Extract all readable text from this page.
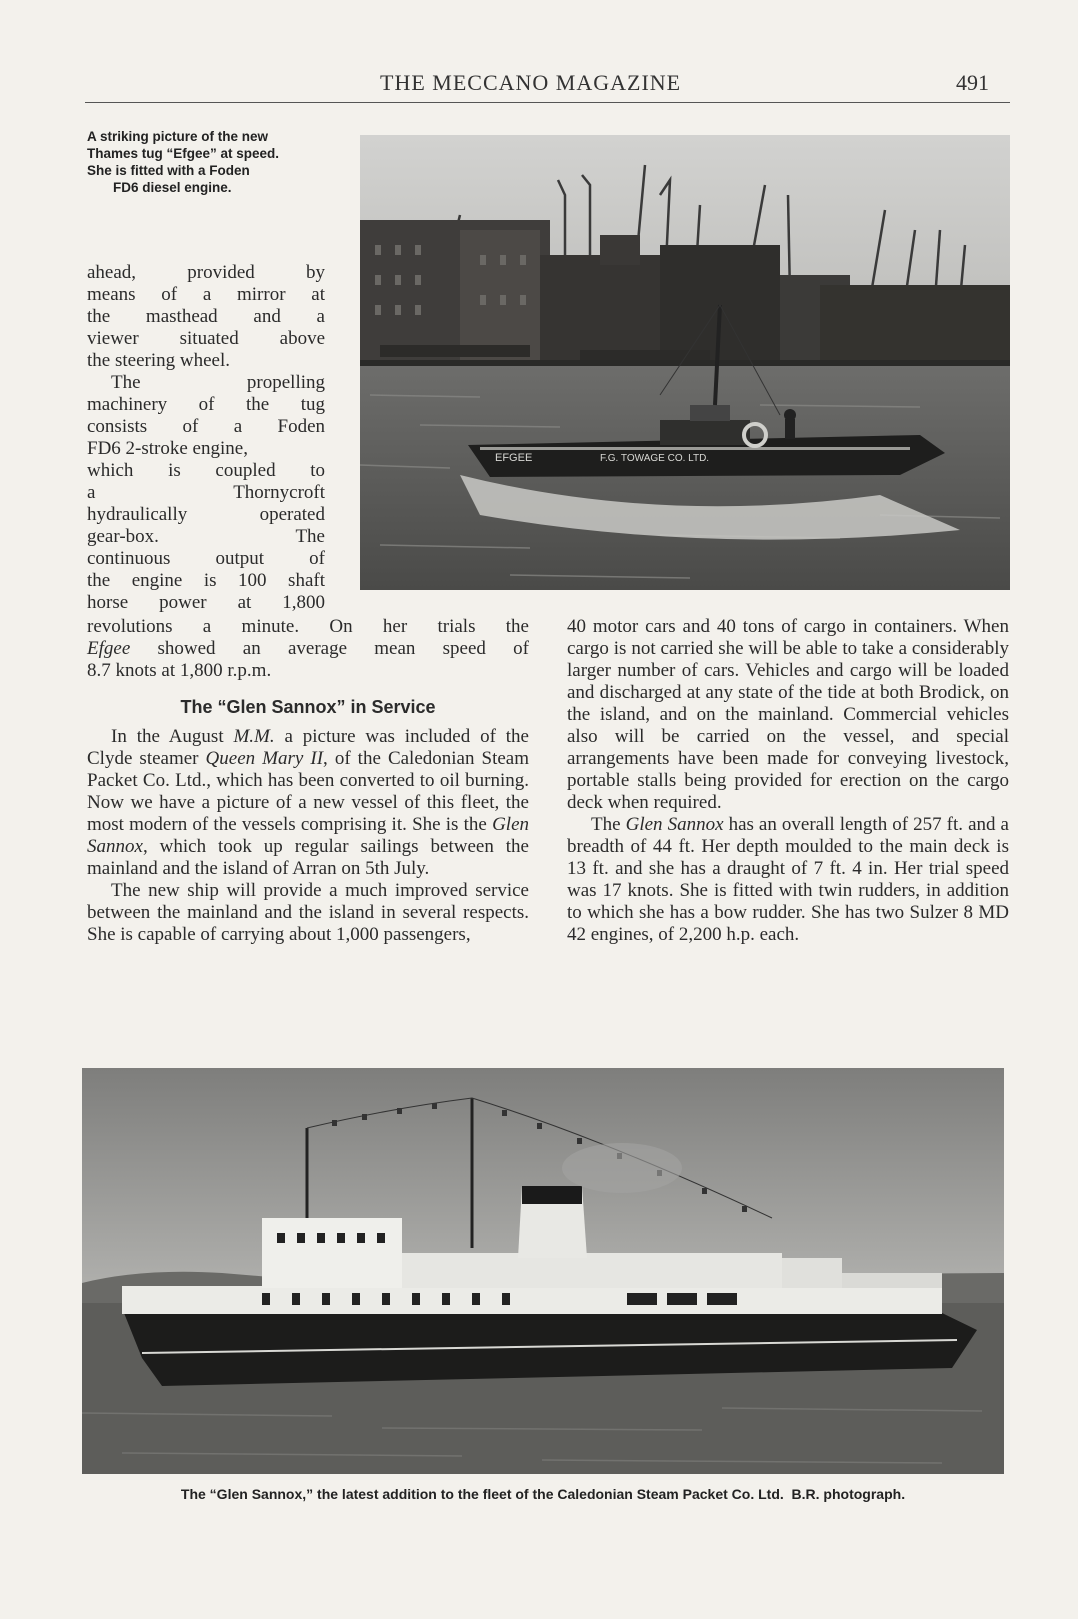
THE MECCANO MAGAZINE	491
A striking picture of the new
Thames tug “Efgee” at speed.
She is fitted with a Foden
FD6 diesel engine.
EFGEE	F.G. TOWAGE CO. LTD.

ahead, provided by

means of a mirror at

the masthead and a

viewer situated above

the steering wheel.

The propelling

machinery of the tug

consists of a Foden

FD6 2-stroke engine,

which is coupled to

a Thornycroft

hydraulically operated

gear-box. The

continuous output of

the engine is 100 shaft

horse power at 1,800

revolutions a minute. On her trials the

Efgee showed an average mean speed of

8.7 knots at 1,800 r.p.m.

The “Glen Sannox” in Service

In the August M.M. a picture was included of the Clyde steamer Queen Mary II, of the Caledonian Steam Packet Co. Ltd., which has been converted to oil burning. Now we have a picture of a new vessel of this fleet, the most modern of the vessels comprising it. She is the Glen Sannox, which took up regular sailings between the mainland and the island of Arran on 5th July.

The new ship will provide a much improved service between the mainland and the island in several respects. She is capable of carrying about 1,000 passengers,

40 motor cars and 40 tons of cargo in containers. When cargo is not carried she will be able to take a considerably larger number of cars. Vehicles and cargo will be loaded and discharged at any state of the tide at both Brodick, on the island, and on the mainland. Commercial vehicles also will be carried on the vessel, and special arrangements have been made for conveying livestock, portable stalls being provided for erection on the cargo deck when required.

The Glen Sannox has an overall length of 257 ft. and a breadth of 44 ft. Her depth moulded to the main deck is 13 ft. and she has a draught of 7 ft. 4 in. Her trial speed was 17 knots. She is fitted with twin rudders, in addition to which she has a bow rudder. She has two Sulzer 8 MD 42 engines, of 2,200 h.p. each.

The “Glen Sannox,” the latest addition to the fleet of the Caledonian Steam Packet Co. Ltd. B.R. photograph.
